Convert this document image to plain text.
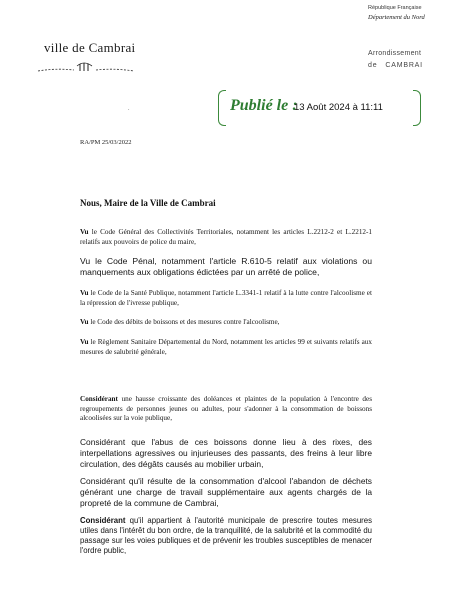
ville de Cambrai
République Française
Département du Nord
Arrondissement
de CAMBRAI
Publié le :
13 Août 2024 à 11:11
.
RA/PM 25/03/2022
Nous, Maire de la Ville de Cambrai
Vu le Code Général des Collectivités Territoriales, notamment les articles L.2212-2 et L.2212-1 relatifs aux pouvoirs de police du maire,
Vu le Code Pénal, notamment l'article R.610-5 relatif aux violations ou manquements aux obligations édictées par un arrêté de police,
Vu le Code de la Santé Publique, notamment l'article L.3341-1 relatif à la lutte contre l'alcoolisme et la répression de l'ivresse publique,
Vu le Code des débits de boissons et des mesures contre l'alcoolisme,
Vu le Règlement Sanitaire Départemental du Nord, notamment les articles 99 et suivants relatifs aux mesures de salubrité générale,
Considérant une hausse croissante des doléances et plaintes de la population à l'encontre des regroupements de personnes jeunes ou adultes, pour s'adonner à la consommation de boissons alcoolisées sur la voie publique,
Considérant que l'abus de ces boissons donne lieu à des rixes, des interpellations agressives ou injurieuses des passants, des freins à leur libre circulation, des dégâts causés au mobilier urbain,
Considérant qu'il résulte de la consommation d'alcool l'abandon de déchets générant une charge de travail supplémentaire aux agents chargés de la propreté de la commune de Cambrai,
Considérant qu'il appartient à l'autorité municipale de prescrire toutes mesures utiles dans l'intérêt du bon ordre, de la tranquillité, de la salubrité et la commodité du passage sur les voies publiques et de prévenir les troubles susceptibles de menacer l'ordre public,
